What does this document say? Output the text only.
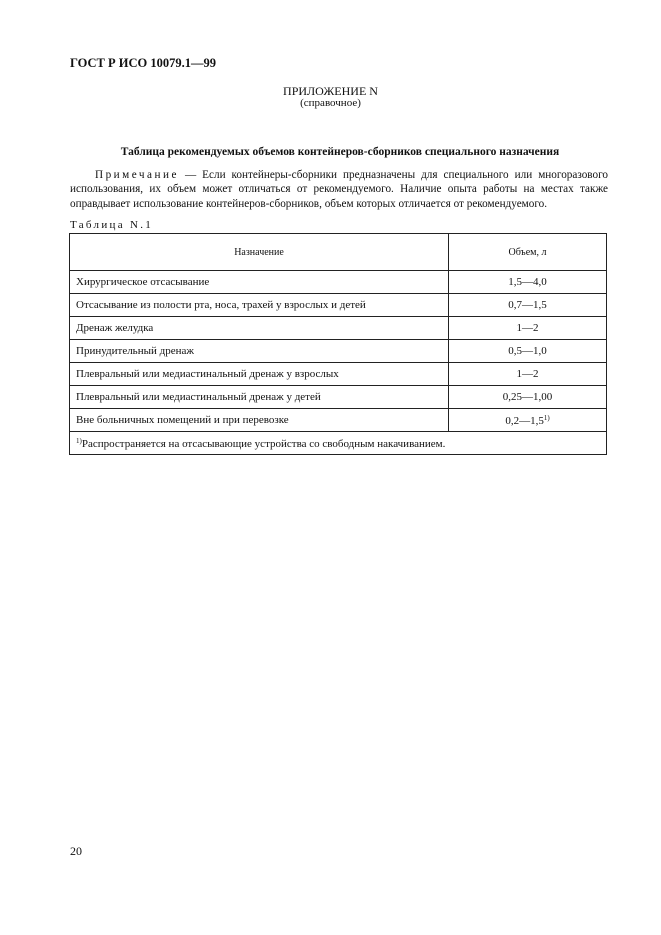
ГОСТ Р ИСО 10079.1—99
ПРИЛОЖЕНИЕ N
(справочное)
Таблица рекомендуемых объемов контейнеров-сборников специального назначения
Примечание — Если контейнеры-сборники предназначены для специального или многоразового использования, их объем может отличаться от рекомендуемого. Наличие опыта работы на местах также оправдывает использование контейнеров-сборников, объем которых отличается от рекомендуемого.
Таблица N.1
Назначение	Объем, л
Хирургическое отсасывание	1,5—4,0
Отсасывание из полости рта, носа, трахей у взрослых и детей	0,7—1,5
Дренаж желудка	1—2
Принудительный дренаж	0,5—1,0
Плевральный или медиастинальный дренаж у взрослых	1—2
Плевральный или медиастинальный дренаж у детей	0,25—1,00
Вне больничных помещений и при перевозке	0,2—1,5$^{1)}$
$^{1)}$Распространяется на отсасывающие устройства со свободным накачиванием.	
20
